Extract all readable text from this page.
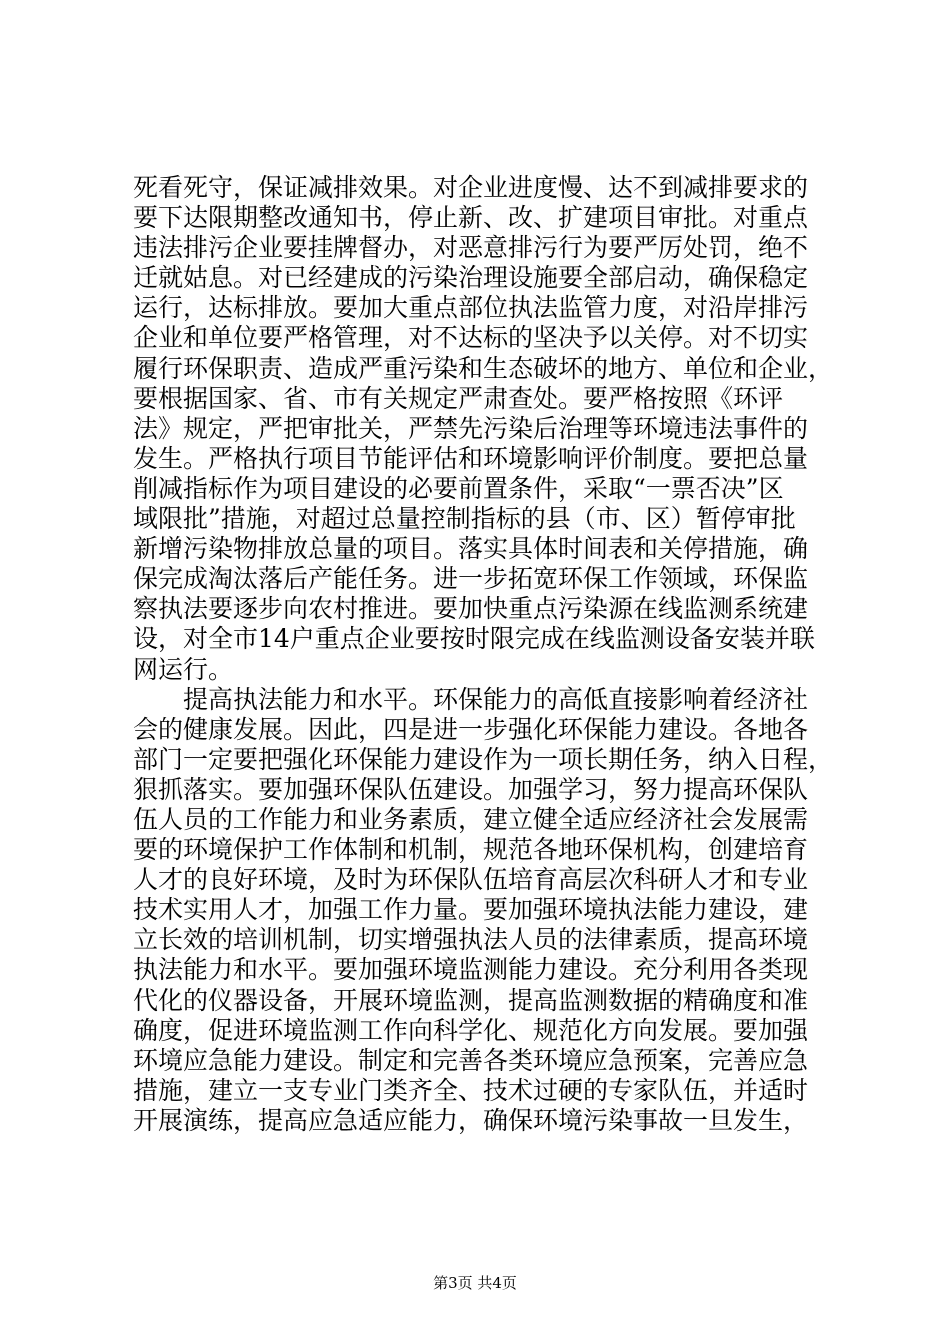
死看死守，保证减排效果。对企业进度慢、达不到减排要求的
要下达限期整改通知书，停止新、改、扩建项目审批。对重点
违法排污企业要挂牌督办，对恶意排污行为要严厉处罚，绝不
迁就姑息。对已经建成的污染治理设施要全部启动，确保稳定
运行，达标排放。要加大重点部位执法监管力度，对沿岸排污
企业和单位要严格管理，对不达标的坚决予以关停。对不切实
履行环保职责、造成严重污染和生态破坏的地方、单位和企业，
要根据国家、省、市有关规定严肃查处。要严格按照《环评
法》规定，严把审批关，严禁先污染后治理等环境违法事件的
发生。严格执行项目节能评估和环境影响评价制度。要把总量
削减指标作为项目建设的必要前置条件，采取“一票否决”区
域限批”措施，对超过总量控制指标的县（市、区）暂停审批
新增污染物排放总量的项目。落实具体时间表和关停措施，确
保完成淘汰落后产能任务。进一步拓宽环保工作领域，环保监
察执法要逐步向农村推进。要加快重点污染源在线监测系统建
设，对全市14户重点企业要按时限完成在线监测设备安装并联
网运行。
　　提高执法能力和水平。环保能力的高低直接影响着经济社
会的健康发展。因此，四是进一步强化环保能力建设。各地各
部门一定要把强化环保能力建设作为一项长期任务，纳入日程，
狠抓落实。要加强环保队伍建设。加强学习，努力提高环保队
伍人员的工作能力和业务素质，建立健全适应经济社会发展需
要的环境保护工作体制和机制，规范各地环保机构，创建培育
人才的良好环境，及时为环保队伍培育高层次科研人才和专业
技术实用人才，加强工作力量。要加强环境执法能力建设，建
立长效的培训机制，切实增强执法人员的法律素质，提高环境
执法能力和水平。要加强环境监测能力建设。充分利用各类现
代化的仪器设备，开展环境监测，提高监测数据的精确度和准
确度，促进环境监测工作向科学化、规范化方向发展。要加强
环境应急能力建设。制定和完善各类环境应急预案，完善应急
措施，建立一支专业门类齐全、技术过硬的专家队伍，并适时
开展演练，提高应急适应能力，确保环境污染事故一旦发生，
第3页 共4页
